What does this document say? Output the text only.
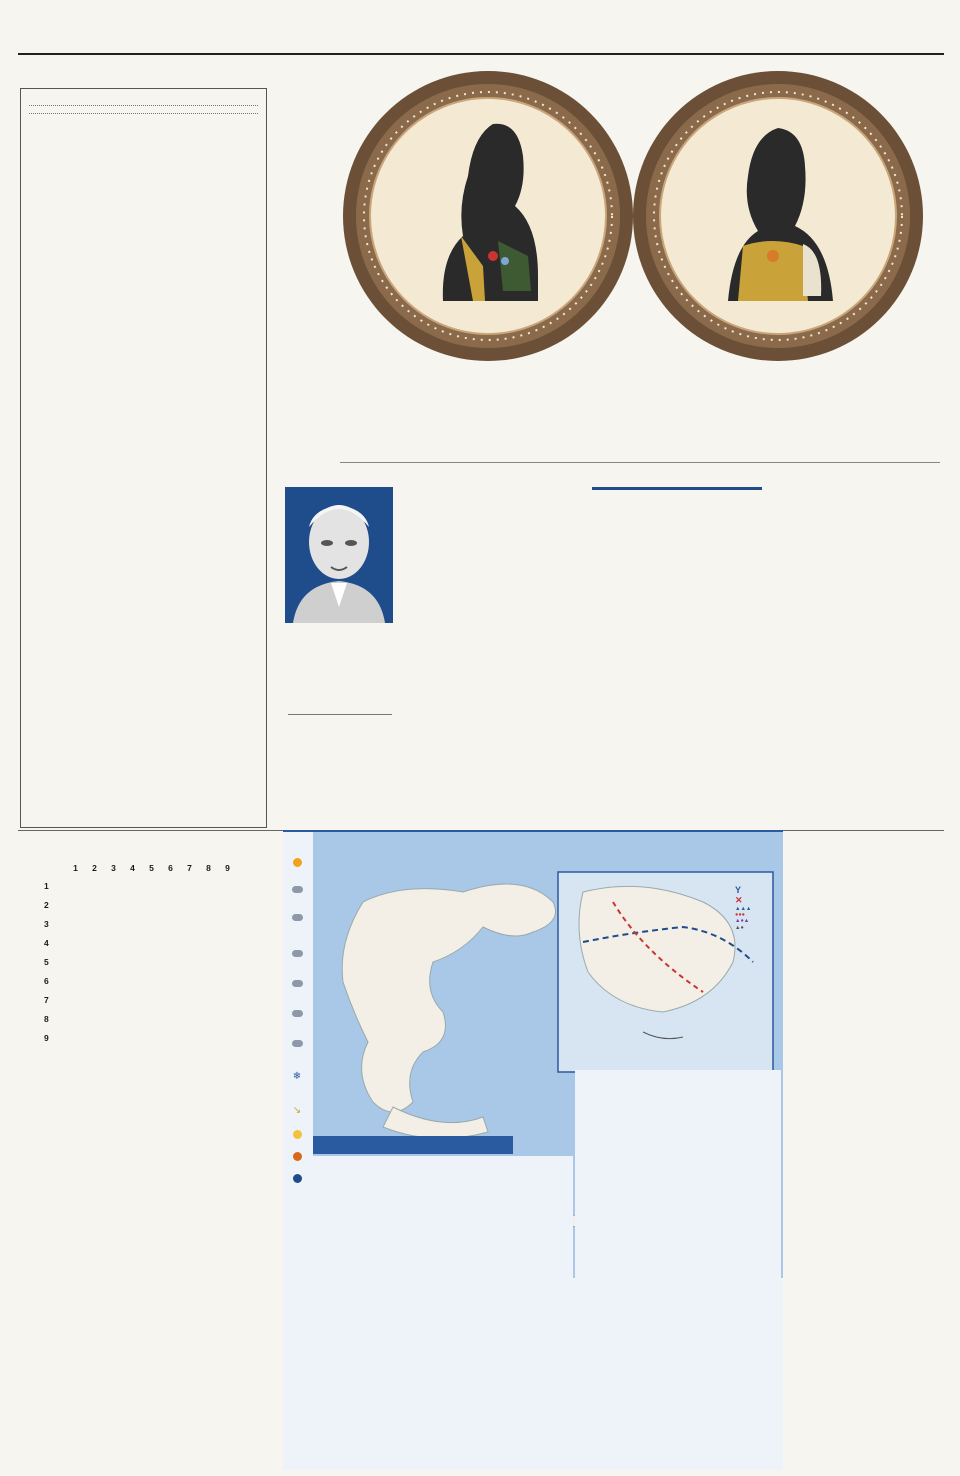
1	2	3	4	5	6	7	8	9
1
2
3
4
5
6
7
8
9
❄
↘
Y
✕
▲▲▲
●●●
▲●▲
▲●
